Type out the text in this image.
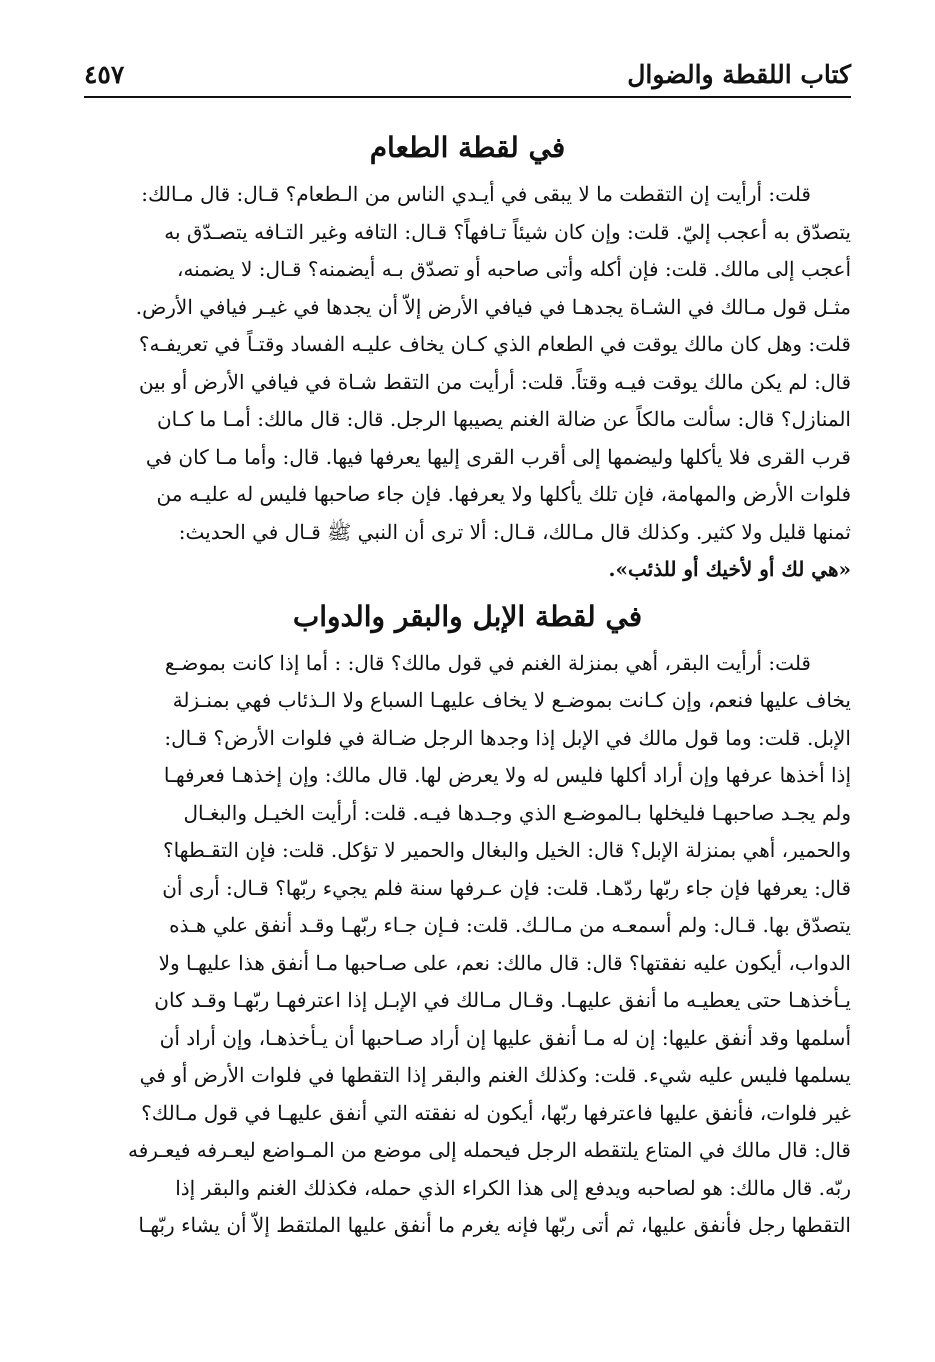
كتاب اللقطة والضوال
٤٥٧
في لقطة الطعام
قلت: أرأيت إن التقطت ما لا يبقى في أيـدي الناس من الـطعام؟ قـال: قال مـالك:
يتصدّق به أعجب إليّ. قلت: وإن كان شيئاً تـافهاً؟ قـال: التافه وغير التـافه يتصـدّق به
أعجب إلى مالك. قلت: فإن أكله وأتى صاحبه أو تصدّق بـه أيضمنه؟ قـال: لا يضمنه،
مثـل قول مـالك في الشـاة يجدهـا في فيافي الأرض إلاّ أن يجدها في غيـر فيافي الأرض.
قلت: وهل كان مالك يوقت في الطعام الذي كـان يخاف عليـه الفساد وقتـاً في تعريفـه؟
قال: لم يكن مالك يوقت فيـه وقتاً. قلت: أرأيت من التقط شـاة في فيافي الأرض أو بين
المنازل؟ قال: سألت مالكاً عن ضالة الغنم يصيبها الرجل. قال: قال مالك: أمـا ما كـان
قرب القرى فلا يأكلها وليضمها إلى أقرب القرى إليها يعرفها فيها. قال: وأما مـا كان في
فلوات الأرض والمهامة، فإن تلك يأكلها ولا يعرفها. فإن جاء صاحبها فليس له عليـه من
ثمنها قليل ولا كثير. وكذلك قال مـالك، قـال: ألا ترى أن النبي ﷺ قـال في الحديث:
«هي لك أو لأخيك أو للذئب».
في لقطة الإبل والبقر والدواب
قلت: أرأيت البقر، أهي بمنزلة الغنم في قول مالك؟ قال: : أما إذا كانت بموضـع
يخاف عليها فنعم، وإن كـانت بموضـع لا يخاف عليهـا السباع ولا الـذئاب فهي بمنـزلة
الإبل. قلت: وما قول مالك في الإبل إذا وجدها الرجل ضـالة في فلوات الأرض؟ قـال:
إذا أخذها عرفها وإن أراد أكلها فليس له ولا يعرض لها. قال مالك: وإن إخذهـا فعرفهـا
ولم يجـد صاحبهـا فليخلها بـالموضـع الذي وجـدها فيـه. قلت: أرأيت الخيـل والبغـال
والحمير، أهي بمنزلة الإبل؟ قال: الخيل والبغال والحمير لا تؤكل. قلت: فإن التقـطها؟
قال: يعرفها فإن جاء ربّها ردّهـا. قلت: فإن عـرفها سنة فلم يجيء ربّها؟ قـال: أرى أن
يتصدّق بها. قـال: ولم أسمعـه من مـالـك. قلت: فـإن جـاء ربّهـا وقـد أنفق علي هـذه
الدواب، أيكون عليه نفقتها؟ قال: قال مالك: نعم، على صـاحبها مـا أنفق هذا عليهـا ولا
يـأخذهـا حتى يعطيـه ما أنفق عليهـا. وقـال مـالك في الإبـل إذا اعترفهـا ربّهـا وقـد كان
أسلمها وقد أنفق عليها: إن له مـا أنفق عليها إن أراد صـاحبها أن يـأخذهـا، وإن أراد أن
يسلمها فليس عليه شيء. قلت: وكذلك الغنم والبقر إذا التقطها في فلوات الأرض أو في
غير فلوات، فأنفق عليها فاعترفها ربّها، أيكون له نفقته التي أنفق عليهـا في قول مـالك؟
قال: قال مالك في المتاع يلتقطه الرجل فيحمله إلى موضع من المـواضع ليعـرفه فيعـرفه
ربّه. قال مالك: هو لصاحبه ويدفع إلى هذا الكراء الذي حمله، فكذلك الغنم والبقر إذا
التقطها رجل فأنفق عليها، ثم أتى ربّها فإنه يغرم ما أنفق عليها الملتقط إلاّ أن يشاء ربّهـا
